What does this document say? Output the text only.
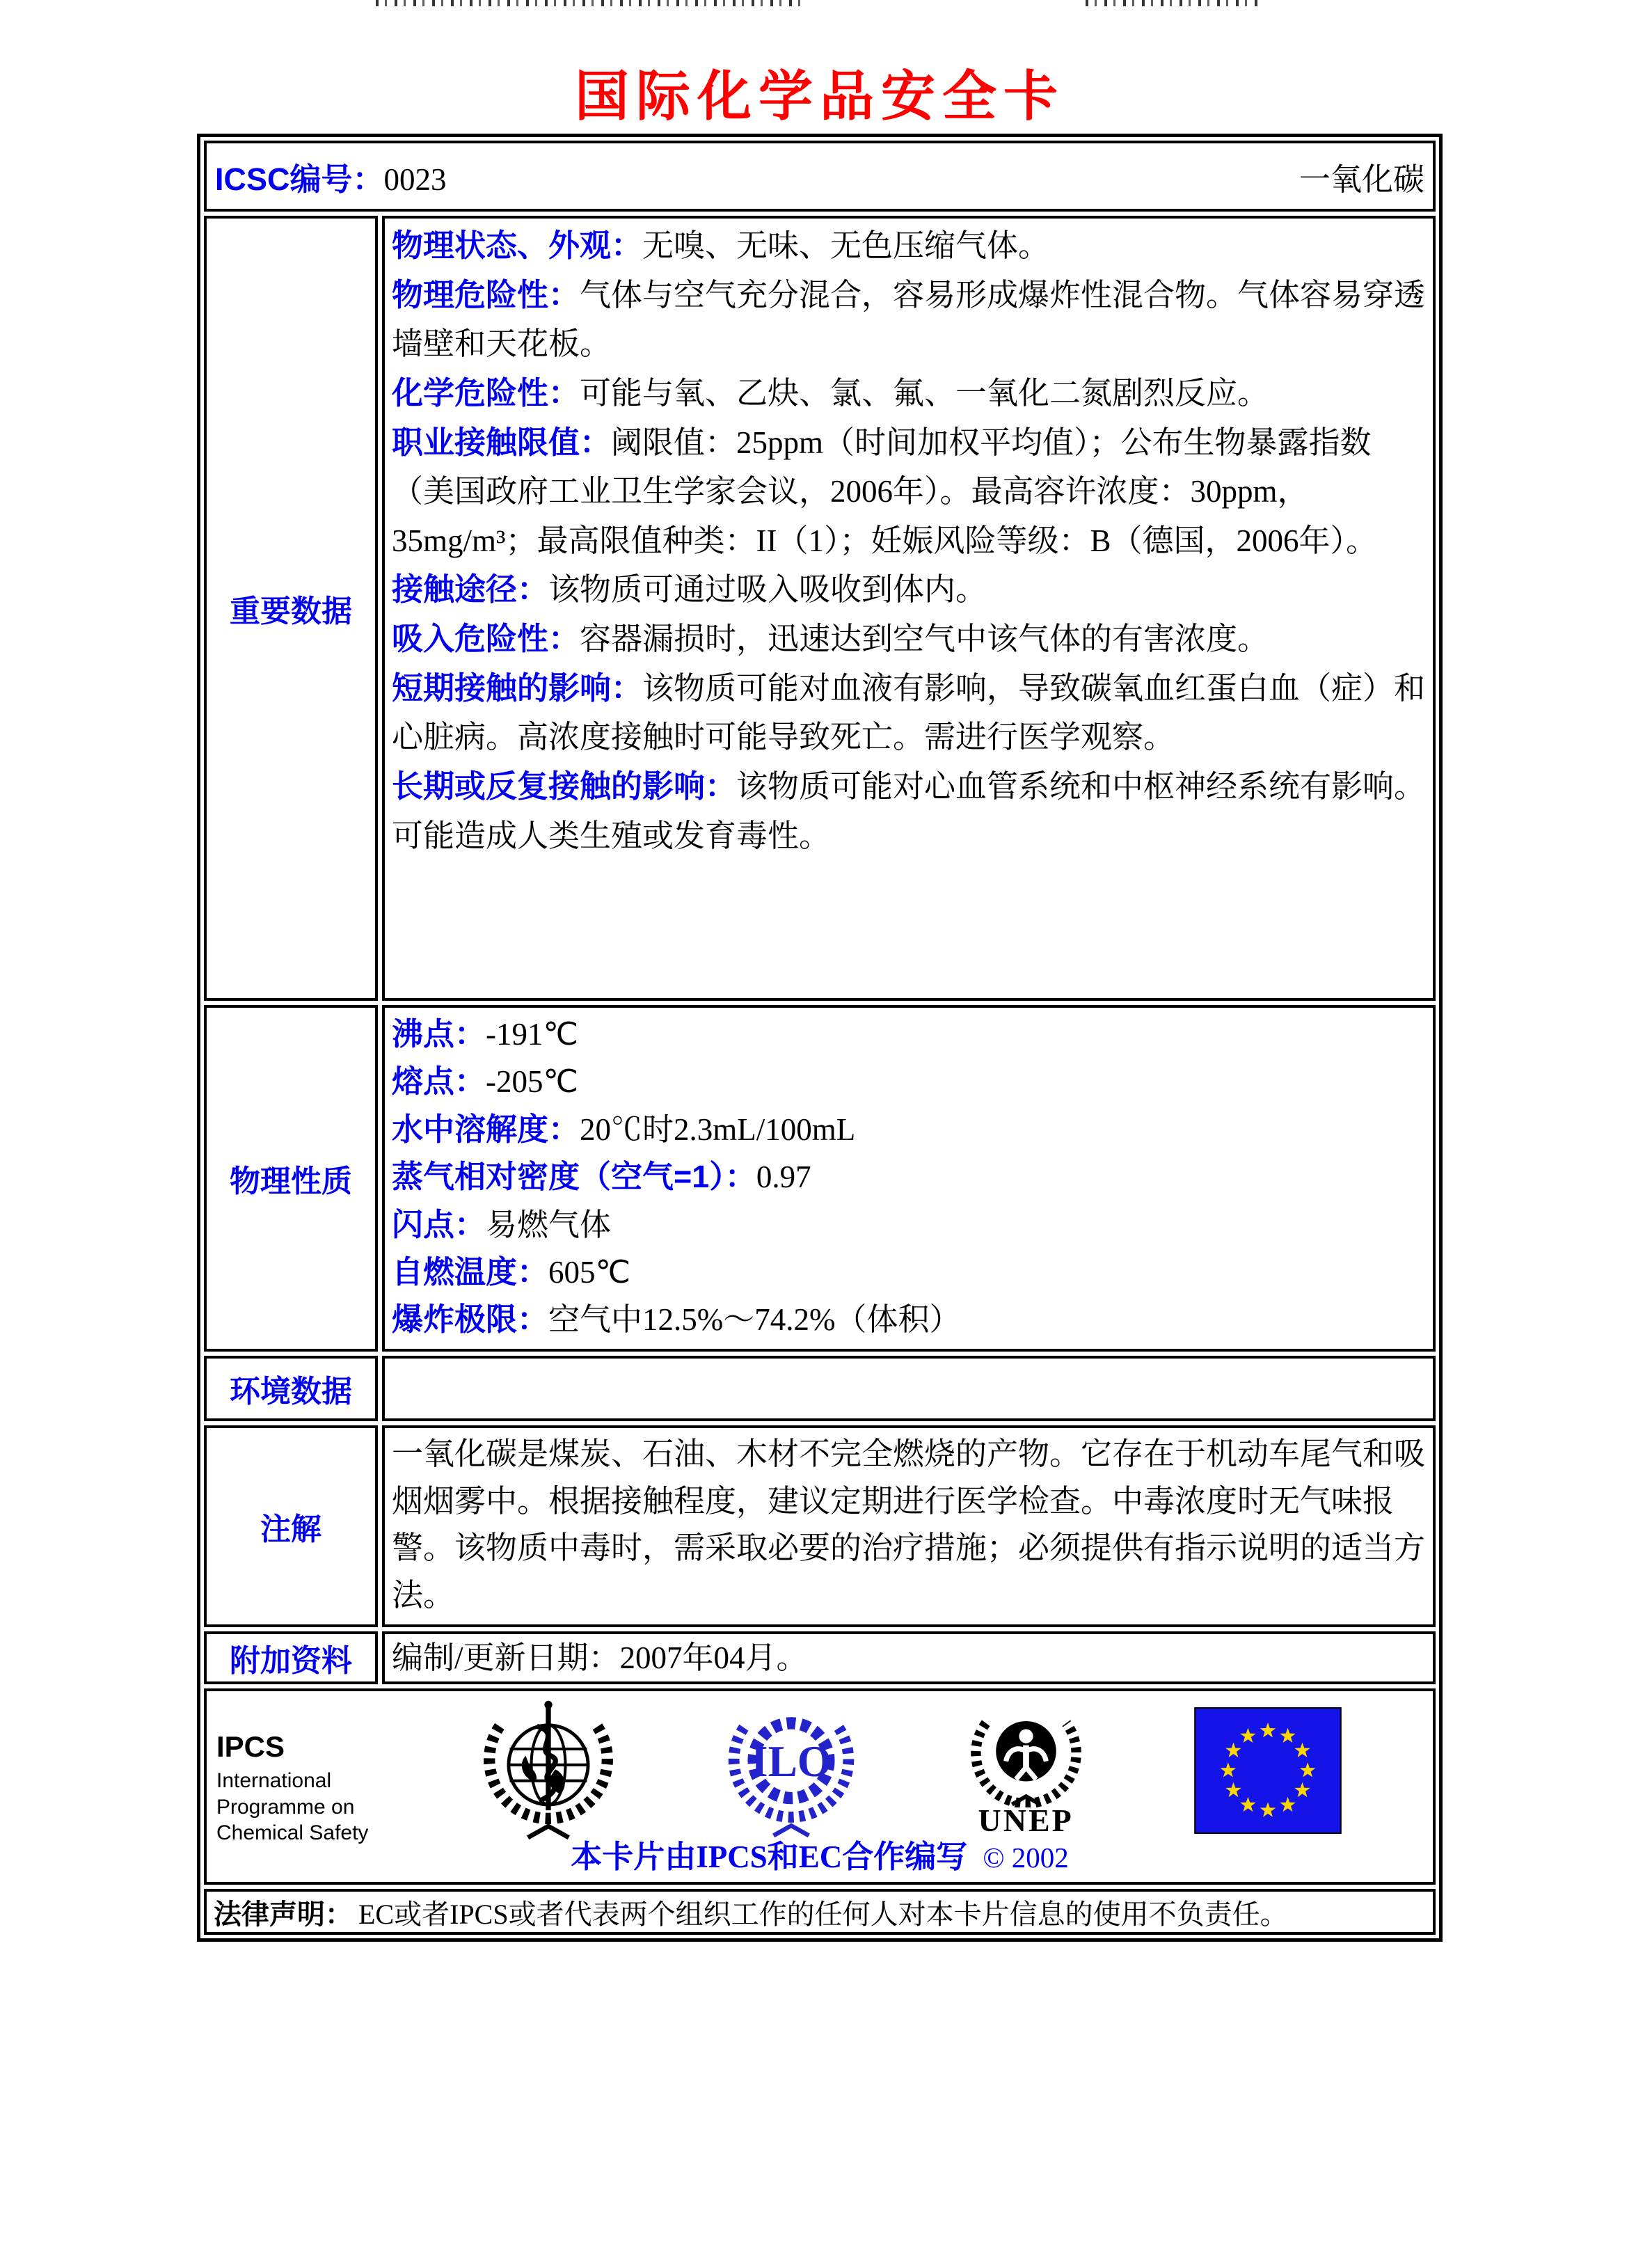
国际化学品安全卡
ICSC编号：0023	一氧化碳
重要数据
物理状态、外观：无嗅、无味、无色压缩气体。
物理危险性：气体与空气充分混合，容易形成爆炸性混合物。气体容易穿透墙壁和天花板。
化学危险性：可能与氧、乙炔、氯、氟、一氧化二氮剧烈反应。
职业接触限值：阈限值：25ppm（时间加权平均值）；公布生物暴露指数（美国政府工业卫生学家会议，2006年）。最高容许浓度：30ppm，35mg/m³；最高限值种类：II（1）；妊娠风险等级：B（德国，2006年）。
接触途径：该物质可通过吸入吸收到体内。
吸入危险性：容器漏损时，迅速达到空气中该气体的有害浓度。
短期接触的影响：该物质可能对血液有影响，导致碳氧血红蛋白血（症）和心脏病。高浓度接触时可能导致死亡。需进行医学观察。
长期或反复接触的影响：该物质可能对心血管系统和中枢神经系统有影响。可能造成人类生殖或发育毒性。
物理性质
沸点：-191℃
熔点：-205℃
水中溶解度：20℃时2.3mL/100mL
蒸气相对密度（空气=1）：0.97
闪点：易燃气体
自燃温度：605℃
爆炸极限：空气中12.5%～74.2%（体积）
环境数据
注解
一氧化碳是煤炭、石油、木材不完全燃烧的产物。它存在于机动车尾气和吸烟烟雾中。根据接触程度，建议定期进行医学检查。中毒浓度时无气味报警。该物质中毒时，需采取必要的治疗措施；必须提供有指示说明的适当方法。
附加资料	编制/更新日期：2007年04月。
IPCS
International
Programme on
Chemical Safety
ILO
UNEP
本卡片由IPCS和EC合作编写 © 2002
法律声明： EC或者IPCS或者代表两个组织工作的任何人对本卡片信息的使用不负责任。
